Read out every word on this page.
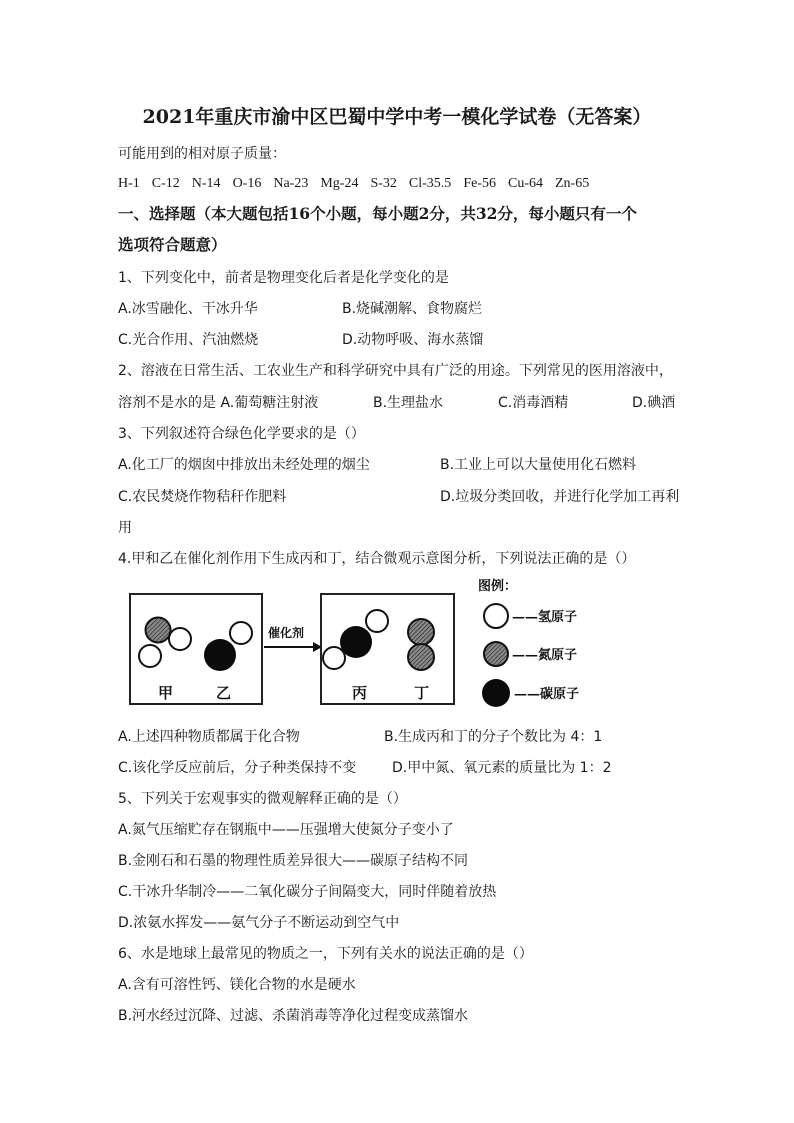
2021年重庆市渝中区巴蜀中学中考一模化学试卷（无答案）
可能用到的相对原子质量：
H-1 C-12 N-14 O-16 Na-23 Mg-24 S-32 Cl-35.5 Fe-56 Cu-64 Zn-65
一、选择题（本大题包括16个小题，每小题2分，共32分，每小题只有一个
选项符合题意）
1、下列变化中，前者是物理变化后者是化学变化的是
A.冰雪融化、干冰升华	B.烧碱潮解、食物腐烂
C.光合作用、汽油燃烧	D.动物呼吸、海水蒸馏
2、溶液在日常生活、工农业生产和科学研究中具有广泛的用途。下列常见的医用溶液中，
溶剂不是水的是 A.葡萄糖注射液	B.生理盐水	C.消毒酒精	D.碘酒
3、下列叙述符合绿色化学要求的是（）
A.化工厂的烟囱中排放出未经处理的烟尘	B.工业上可以大量使用化石燃料
C.农民焚烧作物秸秆作肥料	D.垃圾分类回收，并进行化学加工再利
用
4.甲和乙在催化剂作用下生成丙和丁，结合微观示意图分析，下列说法正确的是（）
甲	乙
催化剂
丙	丁
图例：
——氢原子
——氮原子
——碳原子
A.上述四种物质都属于化合物	B.生成丙和丁的分子个数比为 4：1
C.该化学反应前后，分子种类保持不变	D.甲中氮、氧元素的质量比为 1：2
5、下列关于宏观事实的微观解释正确的是（）
A.氮气压缩贮存在钢瓶中——压强增大使氮分子变小了
B.金刚石和石墨的物理性质差异很大——碳原子结构不同
C.干冰升华制冷——二氧化碳分子间隔变大，同时伴随着放热
D.浓氨水挥发——氨气分子不断运动到空气中
6、水是地球上最常见的物质之一，下列有关水的说法正确的是（）
A.含有可溶性钙、镁化合物的水是硬水
B.河水经过沉降、过滤、杀菌消毒等净化过程变成蒸馏水
